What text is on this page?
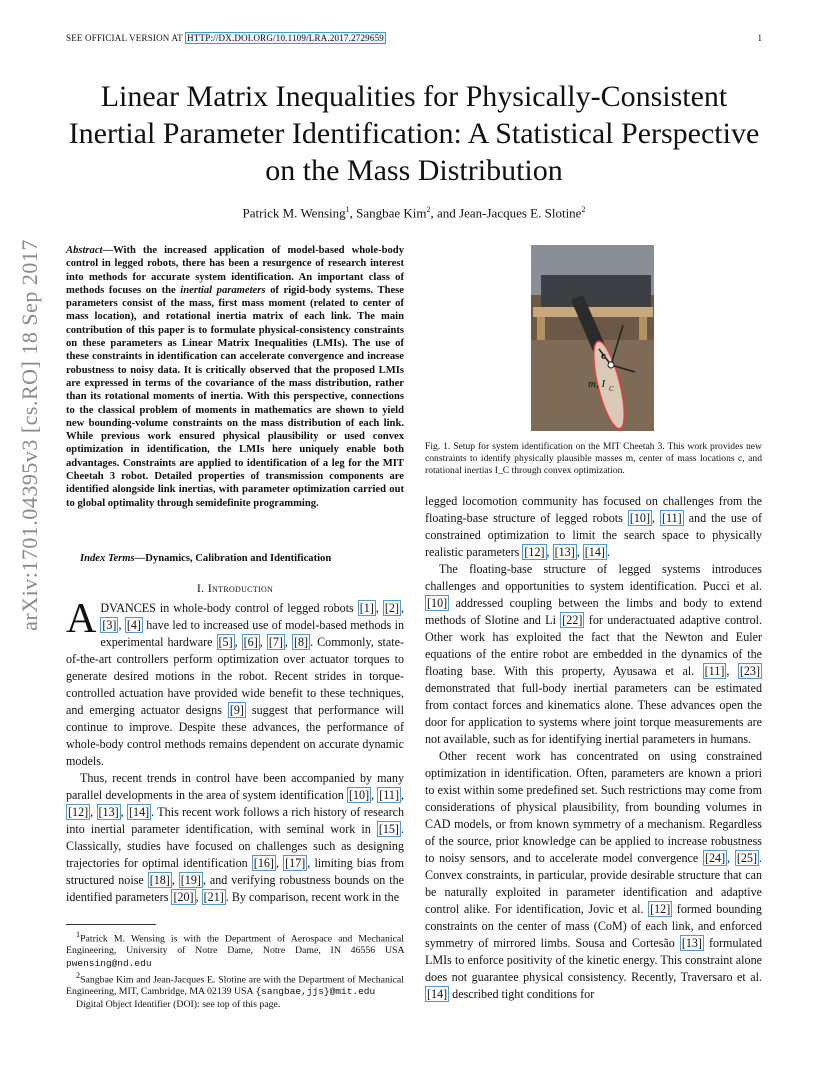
SEE OFFICIAL VERSION AT HTTP://DX.DOI.ORG/10.1109/LRA.2017.2729659	1
arXiv:1701.04395v3 [cs.RO] 18 Sep 2017
Linear Matrix Inequalities for Physically-Consistent Inertial Parameter Identification: A Statistical Perspective on the Mass Distribution
Patrick M. Wensing$^1$, Sangbae Kim$^2$, and Jean-Jacques E. Slotine$^2$
Abstract—With the increased application of model-based whole-body control in legged robots, there has been a resurgence of research interest into methods for accurate system identification. An important class of methods focuses on the inertial parameters of rigid-body systems. These parameters consist of the mass, first mass moment (related to center of mass location), and rotational inertia matrix of each link. The main contribution of this paper is to formulate physical-consistency constraints on these parameters as Linear Matrix Inequalities (LMIs). The use of these constraints in identification can accelerate convergence and increase robustness to noisy data. It is critically observed that the proposed LMIs are expressed in terms of the covariance of the mass distribution, rather than its rotational moments of inertia. With this perspective, connections to the classical problem of moments in mathematics are shown to yield new bounding-volume constraints on the mass distribution of each link. While previous work ensured physical plausibility or used convex optimization in identification, the LMIs here uniquely enable both advantages. Constraints are applied to identification of a leg for the MIT Cheetah 3 robot. Detailed properties of transmission components are identified alongside link inertias, with parameter optimization carried out to global optimality through semidefinite programming.
Index Terms—Dynamics, Calibration and Identification
I. Introduction

ADVANCES in whole-body control of legged robots [1] , [2] , [3] , [4] have led to increased use of model-based methods in experimental hardware [5] , [6] , [7] , [8] . Commonly, state-of-the-art controllers perform optimization over actuator torques to generate desired motions in the robot. Recent strides in torque-controlled actuation have provided wide benefit to these techniques, and emerging actuator designs [9] suggest that performance will continue to improve. Despite these advances, the performance of whole-body control methods remains dependent on accurate dynamic models.

Thus, recent trends in control have been accompanied by many parallel developments in the area of system identification [10] , [11] , [12] , [13] , [14] . This recent work follows a rich history of research into inertial parameter identification, with seminal work in [15] . Classically, studies have focused on challenges such as designing trajectories for optimal identification [16] , [17] , limiting bias from structured noise [18] , [19] , and verifying robustness bounds on the identified parameters [20] , [21] . By comparison, recent work in the

$^1$Patrick M. Wensing is with the Department of Aerospace and Mechanical Engineering, University of Notre Dame, Notre Dame, IN 46556 USA pwensing@nd.edu

$^2$Sangbae Kim and Jean-Jacques E. Slotine are with the Department of Mechanical Engineering, MIT, Cambridge, MA 02139 USA {sangbae,jjs}@mit.edu

Digital Object Identifier (DOI): see top of this page.

c
m, I C
Fig. 1. Setup for system identification on the MIT Cheetah 3. This work provides new constraints to identify physically plausible masses m, center of mass locations c, and rotational inertias I_C through convex optimization.

legged locomotion community has focused on challenges from the floating-base structure of legged robots [10] , [11] and the use of constrained optimization to limit the search space to physically realistic parameters [12] , [13] , [14] .

The floating-base structure of legged systems introduces challenges and opportunities to system identification. Pucci et al. [10] addressed coupling between the limbs and body to extend methods of Slotine and Li [22] for underactuated adaptive control. Other work has exploited the fact that the Newton and Euler equations of the entire robot are embedded in the dynamics of the floating base. With this property, Ayusawa et al. [11] , [23] demonstrated that full-body inertial parameters can be estimated from contact forces and kinematics alone. These advances open the door for application to systems where joint torque measurements are not available, such as for identifying inertial parameters in humans.

Other recent work has concentrated on using constrained optimization in identification. Often, parameters are known a priori to exist within some predefined set. Such restrictions may come from considerations of physical plausibility, from bounding volumes in CAD models, or from known symmetry of a mechanism. Regardless of the source, prior knowledge can be applied to increase robustness to noisy sensors, and to accelerate model convergence [24] , [25] . Convex constraints, in particular, provide desirable structure that can be naturally exploited in parameter identification and adaptive control alike. For identification, Jovic et al. [12] formed bounding constraints on the center of mass (CoM) of each link, and enforced symmetry of mirrored limbs. Sousa and Cortesão [13] formulated LMIs to enforce positivity of the kinetic energy. This constraint alone does not guarantee physical consistency. Recently, Traversaro et al. [14] described tight conditions for
